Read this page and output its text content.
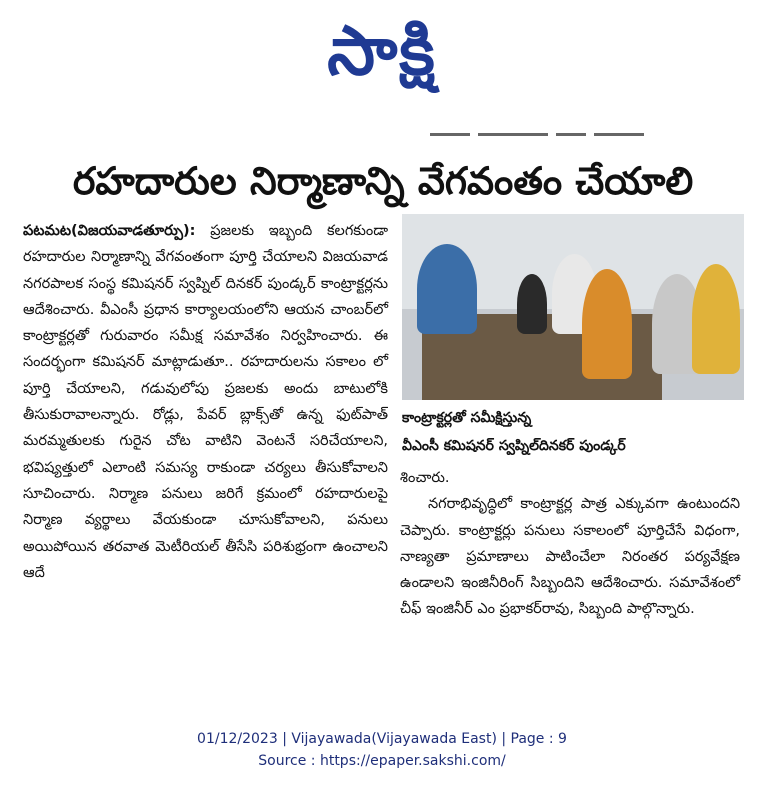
సాక్షి
రహదారుల నిర్మాణాన్ని వేగవంతం చేయాలి

పటమట(విజయవాడతూర్పు): ప్రజలకు ఇబ్బంది కలగకుండా రహదారుల నిర్మాణాన్ని వేగవంతంగా పూర్తి చేయాలని విజయవాడ నగరపాలక సంస్థ కమిషనర్ స్వప్నిల్ దినకర్ పుండ్కర్ కాంట్రాక్టర్లను ఆదేశించారు. వీఎంసీ ప్రధాన కార్యాలయంలోని ఆయన చాంబర్‌లో కాంట్రాక్టర్లతో గురువారం సమీక్ష సమావేశం నిర్వహించారు. ఈ సందర్భంగా కమిషనర్ మాట్లాడుతూ.. రహదారులను సకాలం లో పూర్తి చేయాలని, గడువులోపు ప్రజలకు అందు బాటులోకి తీసుకురావాలన్నారు. రోడ్లు, పేవర్ బ్లాక్స్‌తో ఉన్న ఫుట్‌పాత్ మరమ్మతులకు గురైన చోట వాటిని వెంటనే సరిచేయాలని, భవిష్యత్తులో ఎలాంటి సమస్య రాకుండా చర్యలు తీసుకోవాలని సూచించారు. నిర్మాణ పనులు జరిగే క్రమంలో రహదారులపై నిర్మాణ వ్యర్థాలు వేయకుండా చూసుకోవాలని, పనులు అయిపోయిన తరవాత మెటీరియల్ తీసేసి పరిశుభ్రంగా ఉంచాలని ఆదే

కాంట్రాక్టర్లతో సమీక్షిస్తున్న

వీఎంసీ కమిషనర్ స్వప్నిల్‌దినకర్ పుండ్కర్

శించారు.

నగరాభివృద్ధిలో కాంట్రాక్టర్ల పాత్ర ఎక్కువగా ఉంటుందని చెప్పారు. కాంట్రాక్టర్లు పనులు సకాలంలో పూర్తిచేసే విధంగా, నాణ్యతా ప్రమాణాలు పాటించేలా నిరంతర పర్యవేక్షణ ఉండాలని ఇంజినీరింగ్ సిబ్బందిని ఆదేశించారు. సమావేశంలో చీఫ్ ఇంజినీర్ ఎం ప్రభాకర్‌రావు, సిబ్బంది పాల్గొన్నారు.

01/12/2023 | Vijayawada(Vijayawada East) | Page : 9
Source : https://epaper.sakshi.com/
